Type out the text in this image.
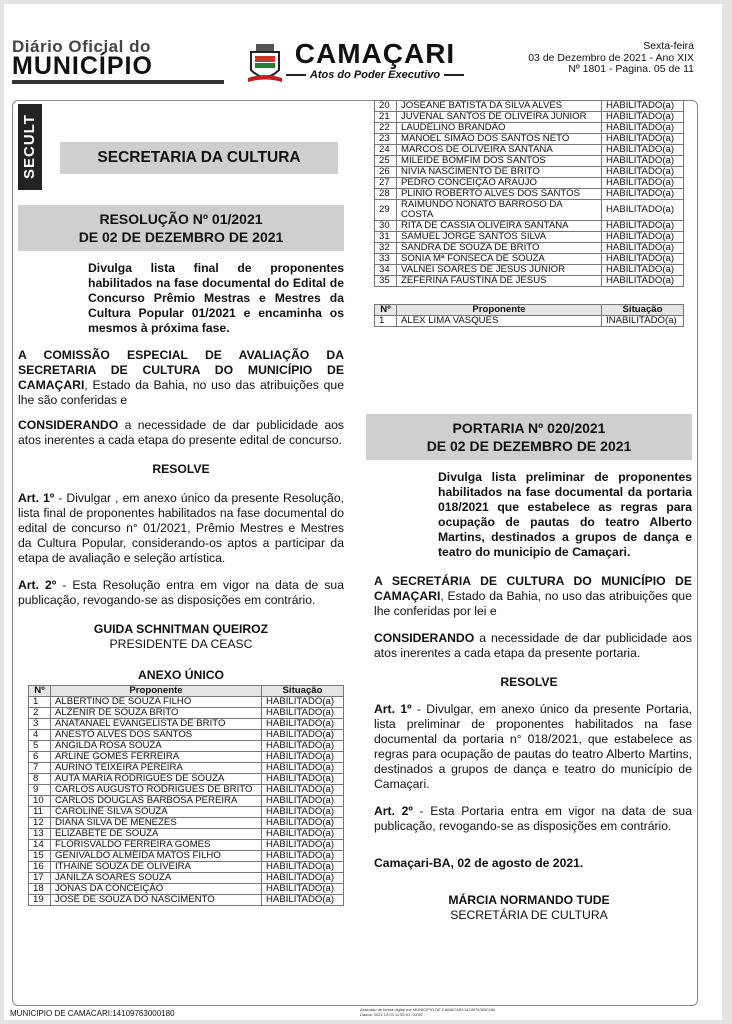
Diário Oficial do
MUNICÍPIO	CAMAÇARI
Atos do Poder Executivo
Sexta-feira
03 de Dezembro de 2021 - Ano XIX
Nº 1801 - Pagina. 05 de 11
SECULT	SECRETARIA DA CULTURA
RESOLUÇÃO Nº 01/2021
DE 02 DE DEZEMBRO DE 2021
Divulga lista final de proponentes habilitados na fase documental do Edital de Concurso Prêmio Mestras e Mestres da Cultura Popular 01/2021 e encaminha os mesmos à próxima fase.
A COMISSÃO ESPECIAL DE AVALIAÇÃO DA SECRETARIA DE CULTURA DO MUNICÍPIO DE CAMAÇARI, Estado da Bahia, no uso das atribuições que lhe são conferidas e
CONSIDERANDO a necessidade de dar publicidade aos atos inerentes a cada etapa do presente edital de concurso.
RESOLVE
Art. 1º - Divulgar , em anexo único da presente Resolução, lista final de proponentes habilitados na fase documental do edital de concurso n° 01/2021, Prêmio Mestres e Mestres da Cultura Popular, considerando-os aptos a participar da etapa de avaliação e seleção artística.
Art. 2º - Esta Resolução entra em vigor na data de sua publicação, revogando-se as disposições em contrário.
GUIDA SCHNITMAN QUEIROZ
PRESIDENTE DA CEASC
ANEXO ÚNICO
Nº	Proponente	Situação
1	ALBERTINO DE SOUZA FILHO	HABILITADO(a)
2	ALZENIR DE SOUZA BRITO	HABILITADO(a)
3	ANATANAEL EVANGELISTA DE BRITO	HABILITADO(a)
4	ANESTÓ ALVES DOS SANTOS	HABILITADO(a)
5	ANGILDA ROSA SOUZA	HABILITADO(a)
6	ARLINE GOMES FERREIRA	HABILITADO(a)
7	AURINO TEIXEIRA PEREIRA	HABILITADO(a)
8	AUTA MARIA RODRIGUES DE SOUZA	HABILITADO(a)
9	CARLOS AUGUSTO RODRIGUES DE BRITO	HABILITADO(a)
10	CARLOS DOUGLAS BARBOSA PEREIRA	HABILITADO(a)
11	CAROLINE SILVA SOUZA	HABILITADO(a)
12	DIANA SILVA DE MENEZES	HABILITADO(a)
13	ELIZABETE DE SOUZA	HABILITADO(a)
14	FLORISVALDO FERREIRA GOMES	HABILITADO(a)
15	GENIVALDO ALMEIDA MATOS FILHO	HABILITADO(a)
16	ITHAINE SOUZA DE OLIVEIRA	HABILITADO(a)
17	JANILZA SOARES SOUZA	HABILITADO(a)
18	JONAS DA CONCEIÇÃO	HABILITADO(a)
19	JOSÉ DE SOUZA DO NASCIMENTO	HABILITADO(a)
20	JOSEANE BATISTA DA SILVA ALVES	HABILITADO(a)
21	JUVENAL SANTOS DE OLIVEIRA JUNIOR	HABILITADO(a)
22	LAUDELINO BRANDÃO	HABILITADO(a)
23	MANOEL SIMÃO DOS SANTOS NETO	HABILITADO(a)
24	MARCOS DE OLIVEIRA SANTANA	HABILITADO(a)
25	MILEIDE BOMFIM DOS SANTOS	HABILITADO(a)
26	NIVIA NASCIMENTO DE BRITO	HABILITADO(a)
27	PEDRO CONCEIÇÃO ARAÚJO	HABILITADO(a)
28	PLINIO ROBERTO ALVES DOS SANTOS	HABILITADO(a)
29	RAIMUNDO NONATO BARROSO DA COSTA	HABILITADO(a)
30	RITA DE CASSIA OLIVEIRA SANTANA	HABILITADO(a)
31	SAMUEL JORGE SANTOS SILVA	HABILITADO(a)
32	SANDRA DE SOUZA DE BRITO	HABILITADO(a)
33	SONIA Mª FONSECA DE SOUZA	HABILITADO(a)
34	VALNEI SOARES DE JESUS JUNIOR	HABILITADO(a)
35	ZEFERINA FAUSTINA DE JESUS	HABILITADO(a)
Nº	Proponente	Situação
1	ALEX LIMA VASQUES	INABILITADO(a)
PORTARIA Nº 020/2021
DE 02 DE DEZEMBRO DE 2021
Divulga lista preliminar de proponentes habilitados na fase documental da portaria 018/2021 que estabelece as regras para ocupação de pautas do teatro Alberto Martins, destinados a grupos de dança e teatro do municipio de Camaçari.
A SECRETÁRIA DE CULTURA DO MUNICÍPIO DE CAMAÇARI, Estado da Bahia, no uso das atribuições que lhe conferidas por lei e
CONSIDERANDO a necessidade de dar publicidade aos atos inerentes a cada etapa da presente portaria.
RESOLVE
Art. 1º - Divulgar, em anexo único da presente Portaria, lista preliminar de proponentes habilitados na fase documental da portaria n° 018/2021, que estabelece as regras para ocupação de pautas do teatro Alberto Martins, destinados a grupos de dança e teatro do município de Camaçari.
Art. 2º - Esta Portaria entra em vigor na data de sua publicação, revogando-se as disposições em contrário.
Camaçari-BA, 02 de agosto de 2021.
MÁRCIA NORMANDO TUDE
SECRETÁRIA DE CULTURA
MUNICIPIO DE CAMACARI:14109763000180	Assinado de forma digital por MUNICIPIO DE CAMACARI:14109763000180
Dados: 2021.12.03 11:55:01 -03'00'
